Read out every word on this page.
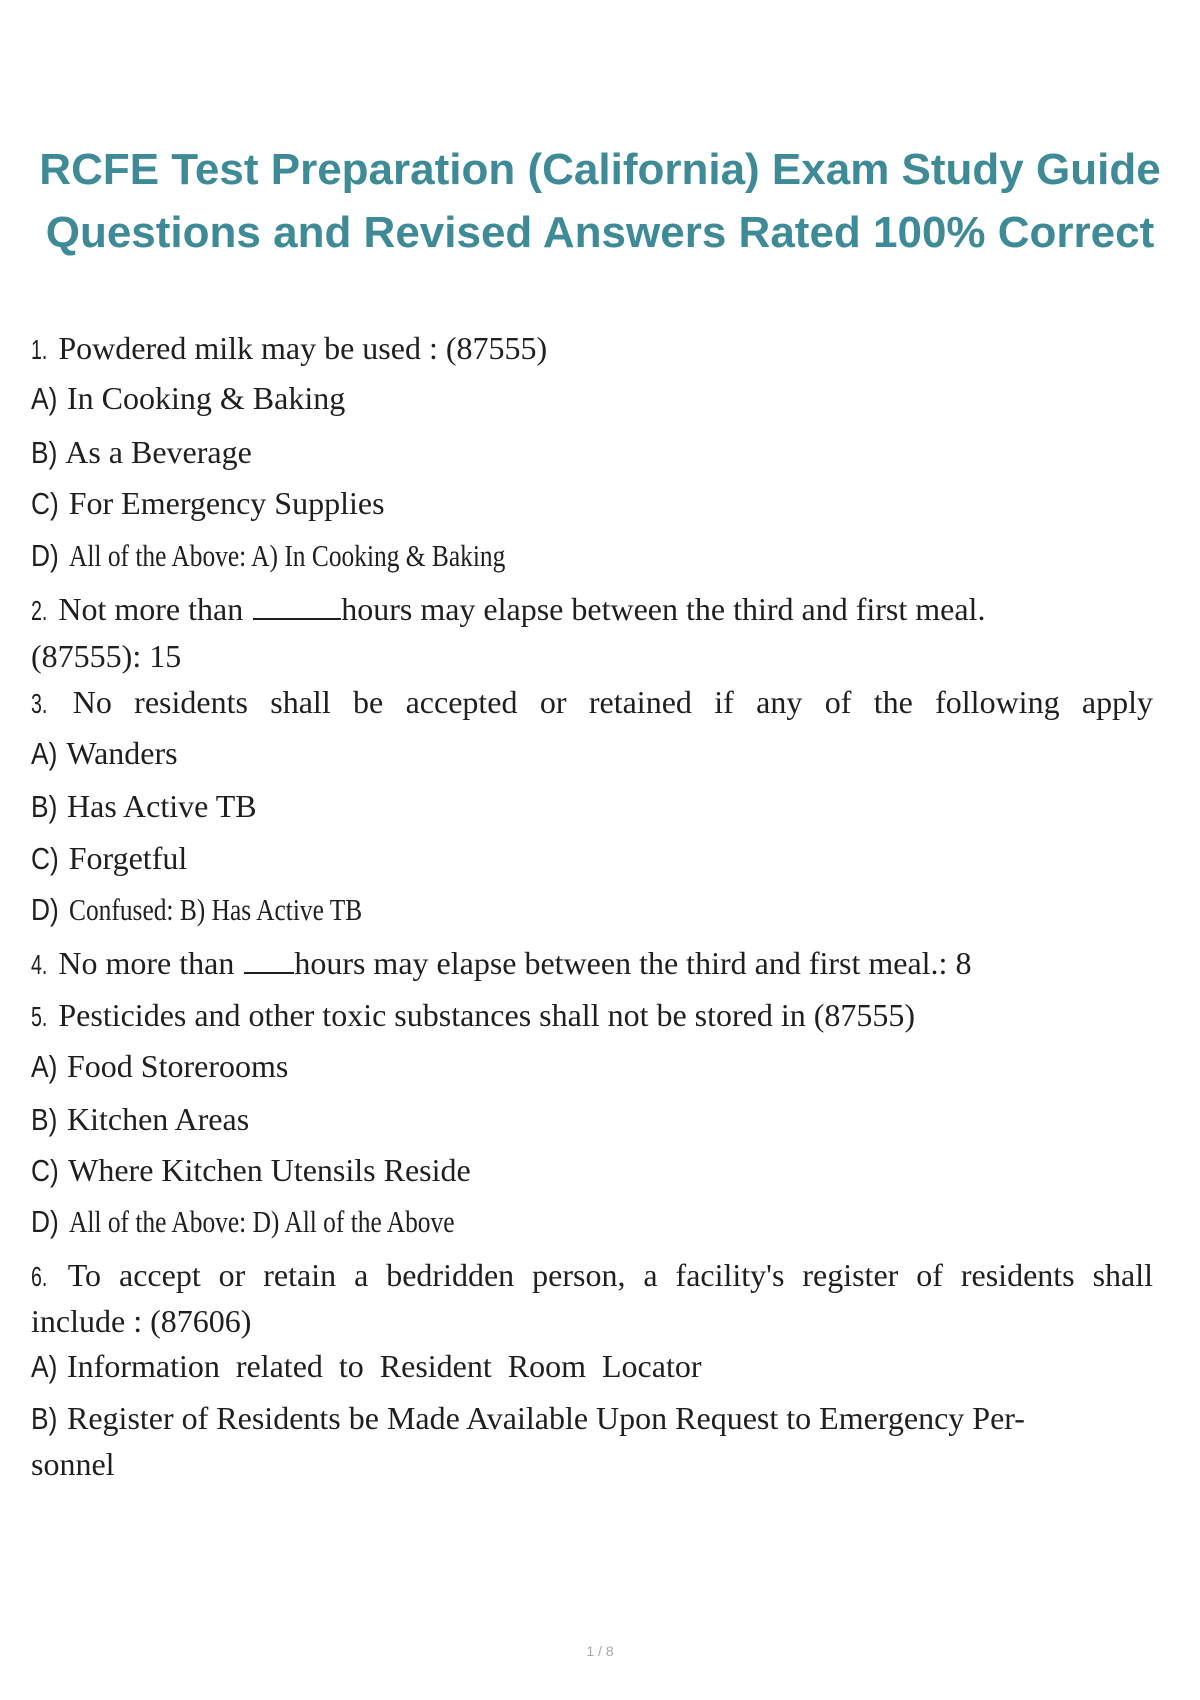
RCFE Test Preparation (California) Exam Study Guide
Questions and Revised Answers Rated 100% Correct
1. Powdered milk may be used : (87555)
A) In Cooking & Baking
B) As a Beverage
C) For Emergency Supplies
D) All of the Above: A) In Cooking & Baking
2. Not more than	hours may elapse between the third and first meal.
(87555): 15
3. No residents shall be accepted or retained if any of the following apply
A) Wanders
B) Has Active TB
C) Forgetful
D) Confused: B) Has Active TB
4. No more than hours may elapse between the third and first meal.: 8
5. Pesticides and other toxic substances shall not be stored in (87555)
A) Food Storerooms
B) Kitchen Areas
C) Where Kitchen Utensils Reside
D) All of the Above: D) All of the Above
6. To accept or retain a bedridden person, a facility's register of residents shall
include : (87606)
A) Information related to Resident Room Locator
B) Register of Residents be Made Available Upon Request to Emergency Per-
sonnel
1 / 8
